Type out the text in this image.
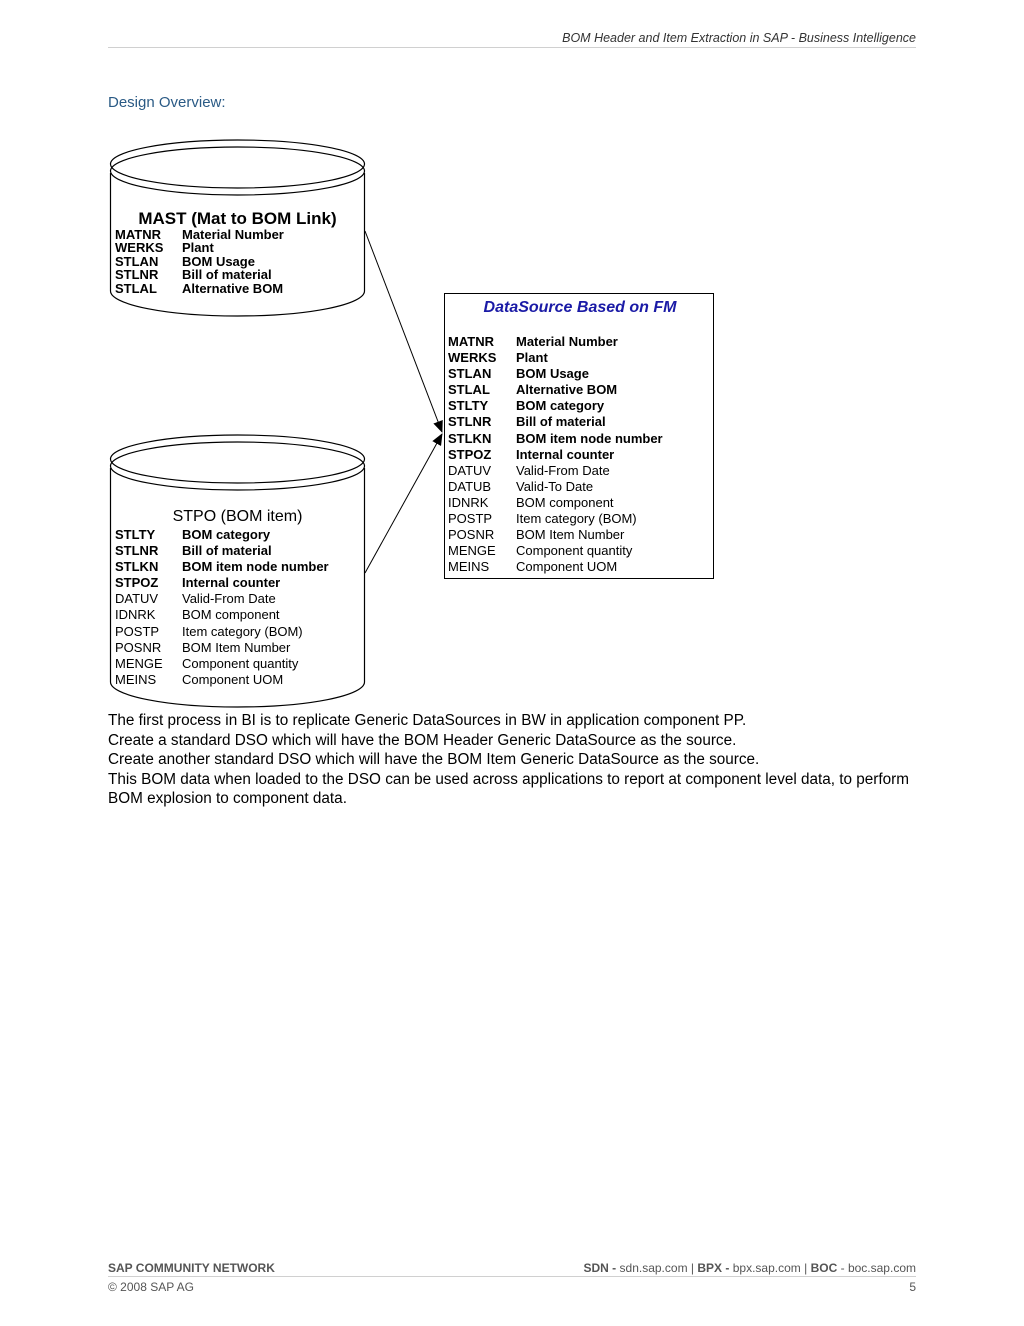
BOM Header and Item Extraction in SAP - Business Intelligence
Design Overview:
MAST (Mat to BOM Link)
MATNR	Material Number
WERKS	Plant
STLAN	BOM Usage
STLNR	Bill of material
STLAL	Alternative BOM
STPO (BOM item)
STLTY	BOM category
STLNR	Bill of material
STLKN	BOM item node number
STPOZ	Internal counter
DATUV	Valid-From Date
IDNRK	BOM component
POSTP	Item category (BOM)
POSNR	BOM Item Number
MENGE	Component quantity
MEINS	Component UOM
DataSource Based on FM
MATNR	Material Number
WERKS	Plant
STLAN	BOM Usage
STLAL	Alternative BOM
STLTY	BOM category
STLNR	Bill of material
STLKN	BOM item node number
STPOZ	Internal counter
DATUV	Valid-From Date
DATUB	Valid-To Date
IDNRK	BOM component
POSTP	Item category (BOM)
POSNR	BOM Item Number
MENGE	Component quantity
MEINS	Component UOM

The first process in BI is to replicate Generic DataSources in BW in application component PP.

Create a standard DSO which will have the BOM Header Generic DataSource as the source.

Create another standard DSO which will have the BOM Item Generic DataSource as the source.

This BOM data when loaded to the DSO can be used across applications to report at component level data, to perform BOM explosion to component data.

SAP COMMUNITY NETWORK	SDN - sdn.sap.com | BPX - bpx.sap.com | BOC - boc.sap.com
© 2008 SAP AG	5
